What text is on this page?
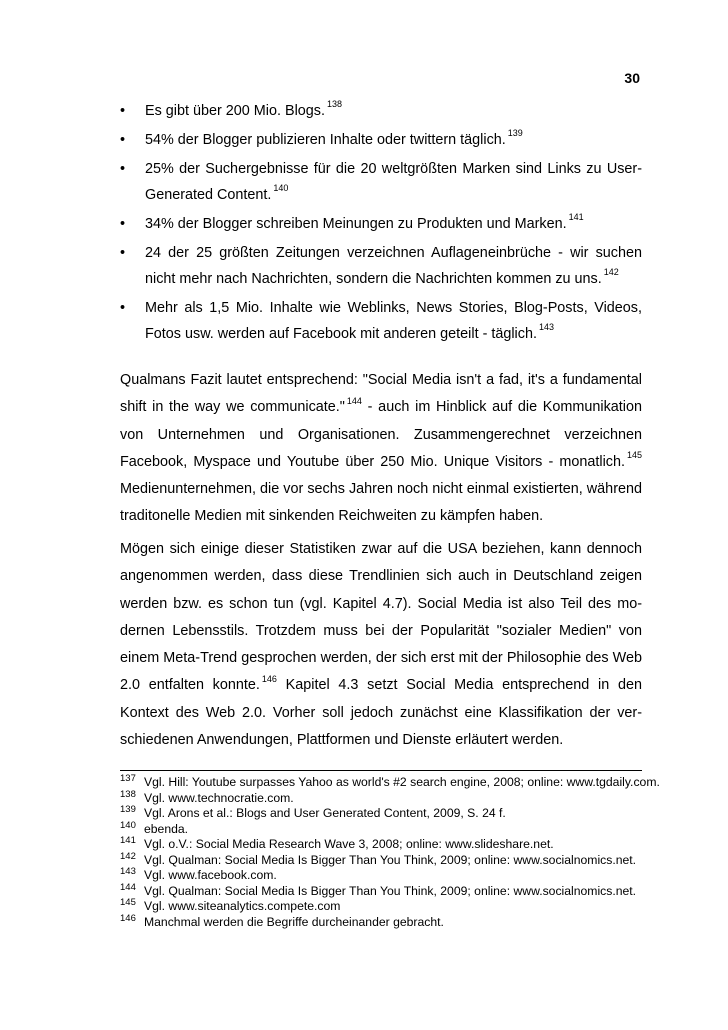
30
• Es gibt über 200 Mio. Blogs. $^{138}$
• 54% der Blogger publizieren Inhalte oder twittern täglich. $^{139}$
• 25% der Suchergebnisse für die 20 weltgrößten Marken sind Links zu User-Generated Content. $^{140}$
• 34% der Blogger schreiben Meinungen zu Produkten und Marken. $^{141}$
• 24 der 25 größten Zeitungen verzeichnen Auflageneinbrüche - wir suchen nicht mehr nach Nachrichten, sondern die Nachrichten kommen zu uns. $^{142}$
• Mehr als 1,5 Mio. Inhalte wie Weblinks, News Stories, Blog-Posts, Videos, Fotos usw. werden auf Facebook mit anderen geteilt - täglich. $^{143}$

Qualmans Fazit lautet entsprechend: "Social Media isn't a fad, it's a fundamental shift in the way we communicate." $^{144}$ - auch im Hinblick auf die Kommunikation von Unternehmen und Organisationen. Zusammengerechnet verzeichnen Facebook, Myspace und Youtube über 250 Mio. Unique Visitors - monatlich. $^{145}$ Medienunternehmen, die vor sechs Jahren noch nicht einmal existierten, während traditonelle Medien mit sinkenden Reichweiten zu kämpfen haben.

Mögen sich einige dieser Statistiken zwar auf die USA beziehen, kann dennoch angenommen werden, dass diese Trendlinien sich auch in Deutschland zeigen werden bzw. es schon tun (vgl. Kapitel 4.7). Social Media ist also Teil des modernen Lebensstils. Trotzdem muss bei der Popularität "sozialer Medien" von einem Meta-Trend gesprochen werden, der sich erst mit der Philosophie des Web 2.0 entfalten konnte. $^{146}$ Kapitel 4.3 setzt Social Media entsprechend in den Kontext des Web 2.0. Vorher soll jedoch zunächst eine Klassifikation der verschiedenen Anwendungen, Plattformen und Dienste erläutert werden.

137 Vgl. Hill: Youtube surpasses Yahoo as world's #2 search engine, 2008; online: www.tgdaily.com.
138 Vgl. www.technocratie.com.
139 Vgl. Arons et al.: Blogs and User Generated Content, 2009, S. 24 f.
140 ebenda.
141 Vgl. o.V.: Social Media Research Wave 3, 2008; online: www.slideshare.net.
142 Vgl. Qualman: Social Media Is Bigger Than You Think, 2009; online: www.socialnomics.net.
143 Vgl. www.facebook.com.
144 Vgl. Qualman: Social Media Is Bigger Than You Think, 2009; online: www.socialnomics.net.
145 Vgl. www.siteanalytics.compete.com
146 Manchmal werden die Begriffe durcheinander gebracht.
